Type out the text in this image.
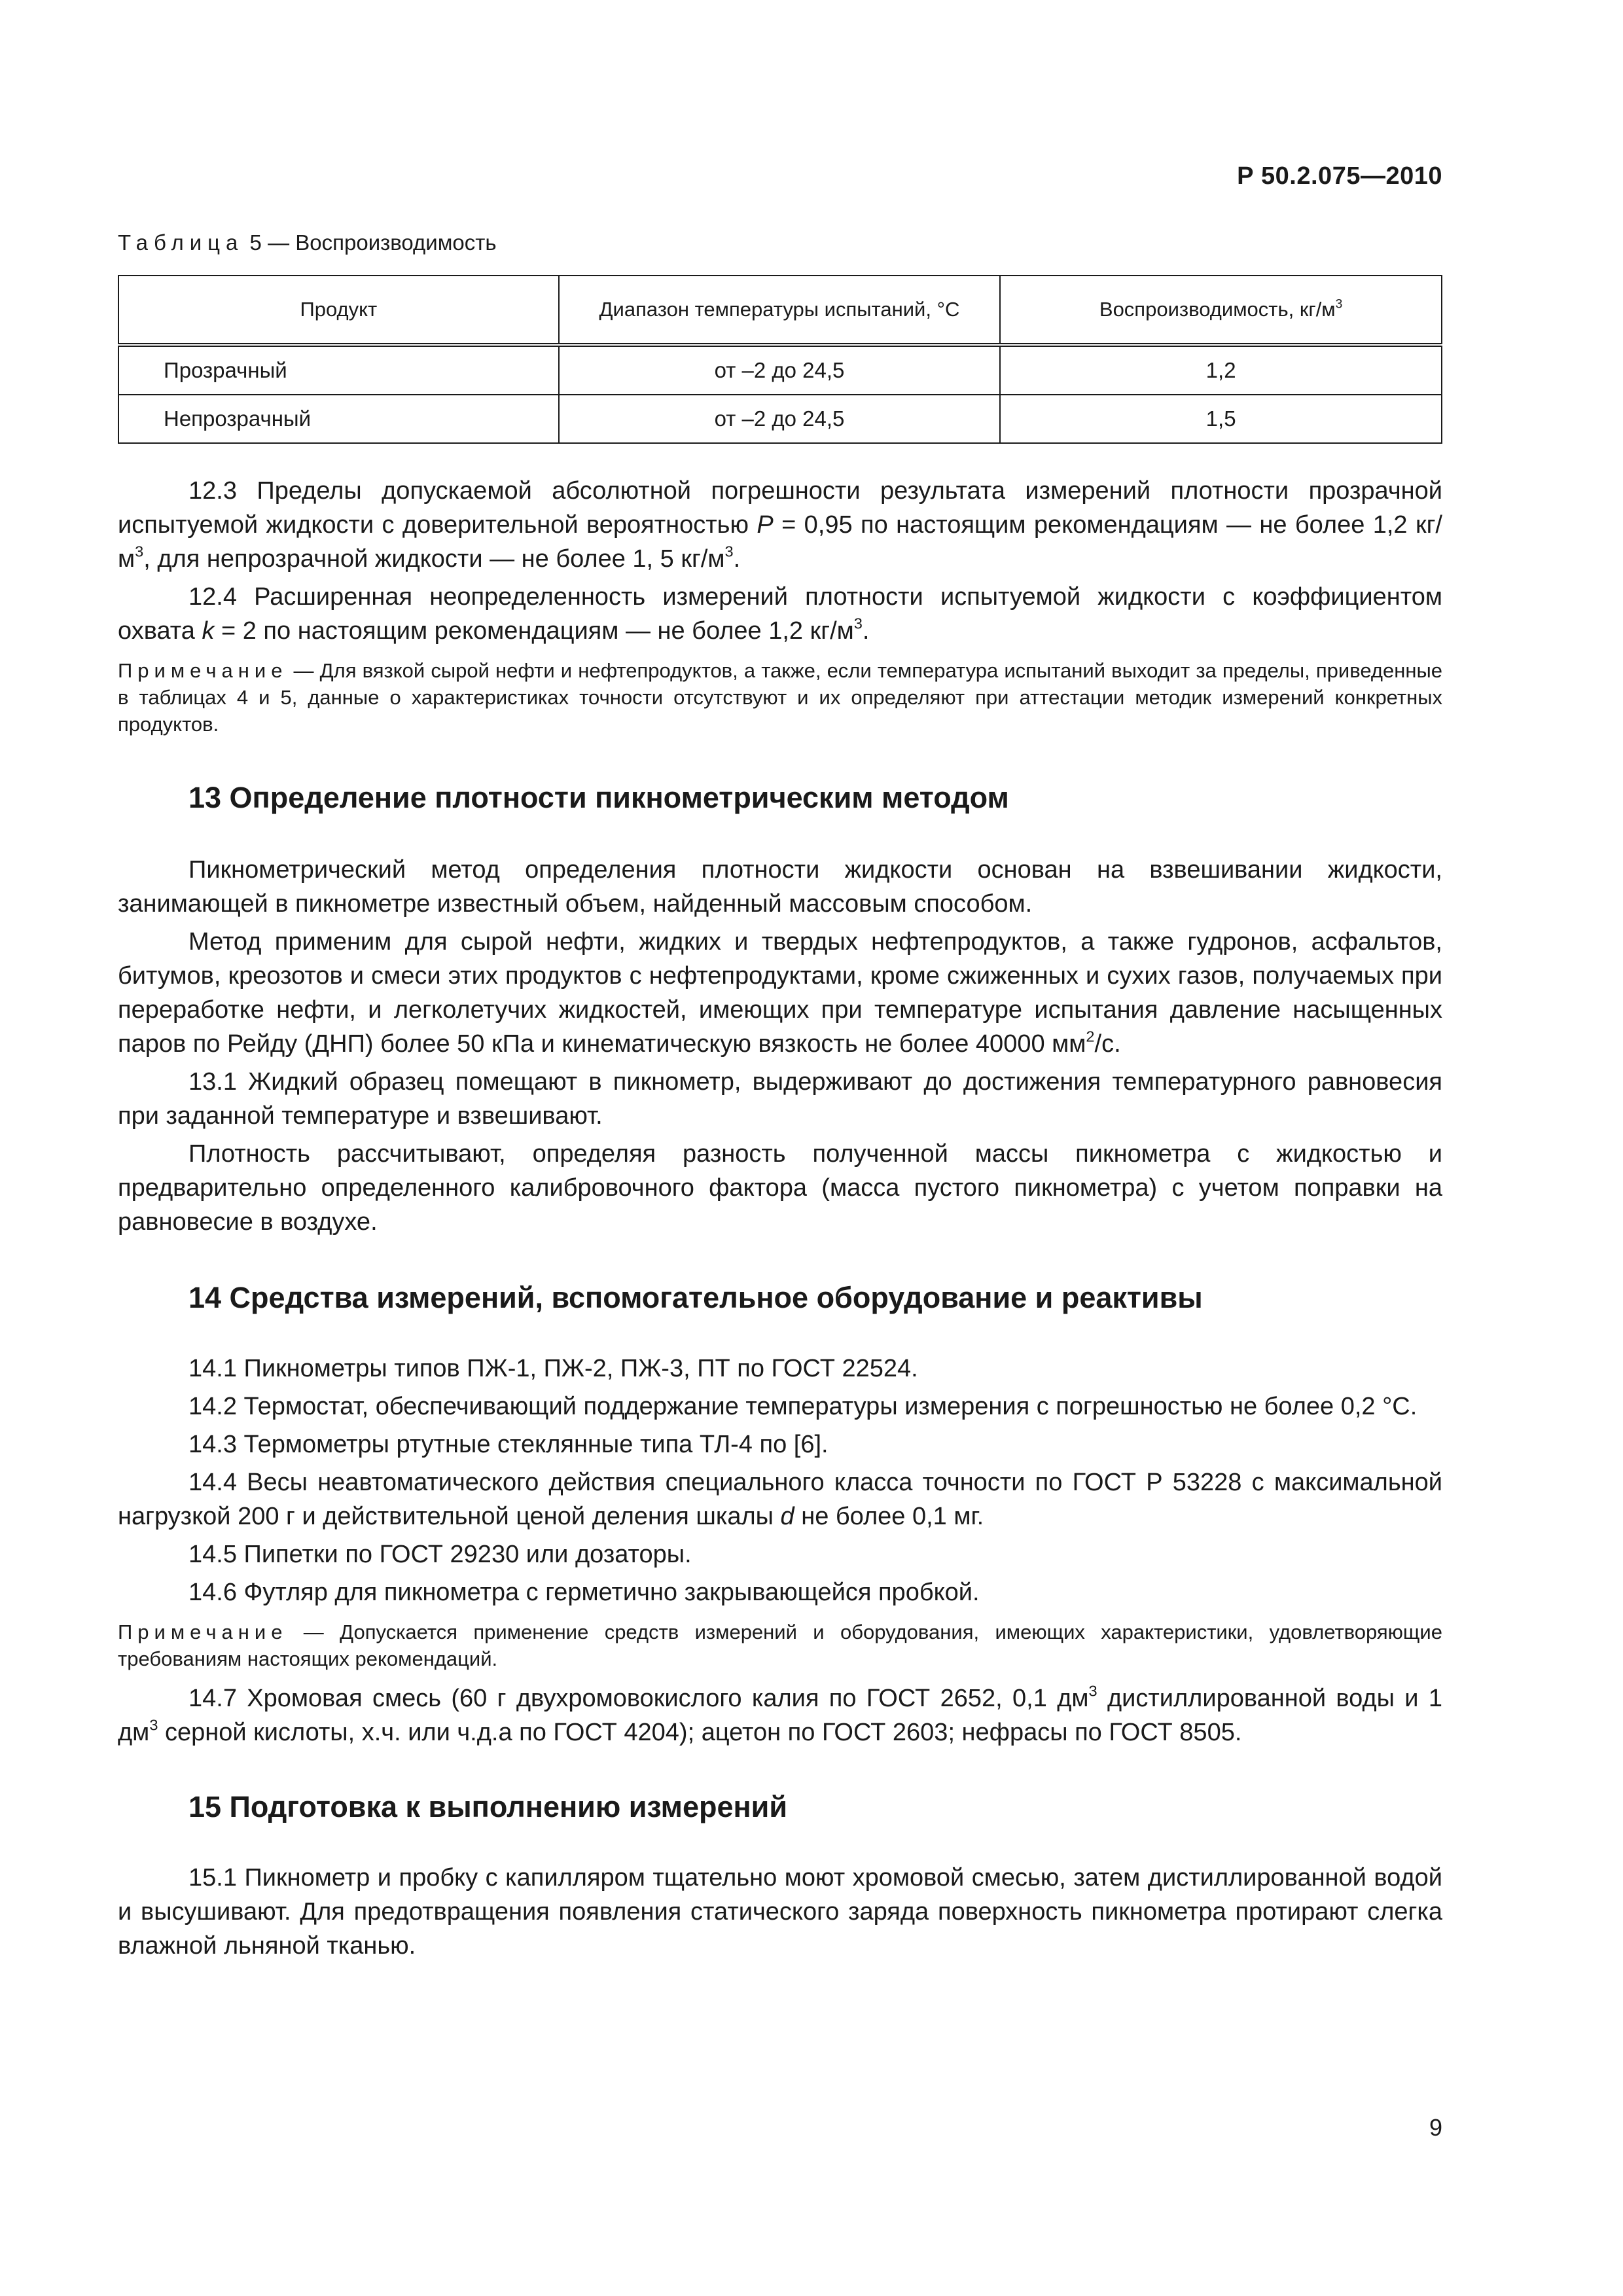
Р 50.2.075—2010
Таблица 5 — Воспроизводимость
Продукт	Диапазон температуры испытаний, °С	Воспроизводимость, $кг/м^3$
Прозрачный	от –2 до 24,5	1,2
Непрозрачный	от –2 до 24,5	1,5

12.3 Пределы допускаемой абсолютной погрешности результата измерений плотности прозрачной испытуемой жидкости с доверительной вероятностью Р = 0,95 по настоящим рекомендациям — не более 1,2 $кг/м^3$, для непрозрачной жидкости — не более 1, 5 $кг/м^3$.

12.4 Расширенная неопределенность измерений плотности испытуемой жидкости с коэффициентом охвата k = 2 по настоящим рекомендациям — не более 1,2 $кг/м^3$.

Примечание — Для вязкой сырой нефти и нефтепродуктов, а также, если температура испытаний выходит за пределы, приведенные в таблицах 4 и 5, данные о характеристиках точности отсутствуют и их определяют при аттестации методик измерений конкретных продуктов.

13 Определение плотности пикнометрическим методом

Пикнометрический метод определения плотности жидкости основан на взвешивании жидкости, занимающей в пикнометре известный объем, найденный массовым способом.

Метод применим для сырой нефти, жидких и твердых нефтепродуктов, а также гудронов, асфальтов, битумов, креозотов и смеси этих продуктов с нефтепродуктами, кроме сжиженных и сухих газов, получаемых при переработке нефти, и легколетучих жидкостей, имеющих при температуре испытания давление насыщенных паров по Рейду (ДНП) более 50 кПа и кинематическую вязкость не более 40000 $мм^2/с$.

13.1 Жидкий образец помещают в пикнометр, выдерживают до достижения температурного равновесия при заданной температуре и взвешивают.

Плотность рассчитывают, определяя разность полученной массы пикнометра с жидкостью и предварительно определенного калибровочного фактора (масса пустого пикнометра) с учетом поправки на равновесие в воздухе.

14 Средства измерений, вспомогательное оборудование и реактивы

14.1 Пикнометры типов ПЖ-1, ПЖ-2, ПЖ-3, ПТ по ГОСТ 22524.

14.2 Термостат, обеспечивающий поддержание температуры измерения с погрешностью не более 0,2 °С.

14.3 Термометры ртутные стеклянные типа ТЛ-4 по [6].

14.4 Весы неавтоматического действия специального класса точности по ГОСТ Р 53228 с максимальной нагрузкой 200 г и действительной ценой деления шкалы d не более 0,1 мг.

14.5 Пипетки по ГОСТ 29230 или дозаторы.

14.6 Футляр для пикнометра с герметично закрывающейся пробкой.

Примечание — Допускается применение средств измерений и оборудования, имеющих характеристики, удовлетворяющие требованиям настоящих рекомендаций.

14.7 Хромовая смесь (60 г двухромовокислого калия по ГОСТ 2652, 0,1 $дм^3$ дистиллированной воды и 1 $дм^3$ серной кислоты, х.ч. или ч.д.а по ГОСТ 4204); ацетон по ГОСТ 2603; нефрасы по ГОСТ 8505.

15 Подготовка к выполнению измерений

15.1 Пикнометр и пробку с капилляром тщательно моют хромовой смесью, затем дистиллированной водой и высушивают. Для предотвращения появления статического заряда поверхность пикнометра протирают слегка влажной льняной тканью.

9
